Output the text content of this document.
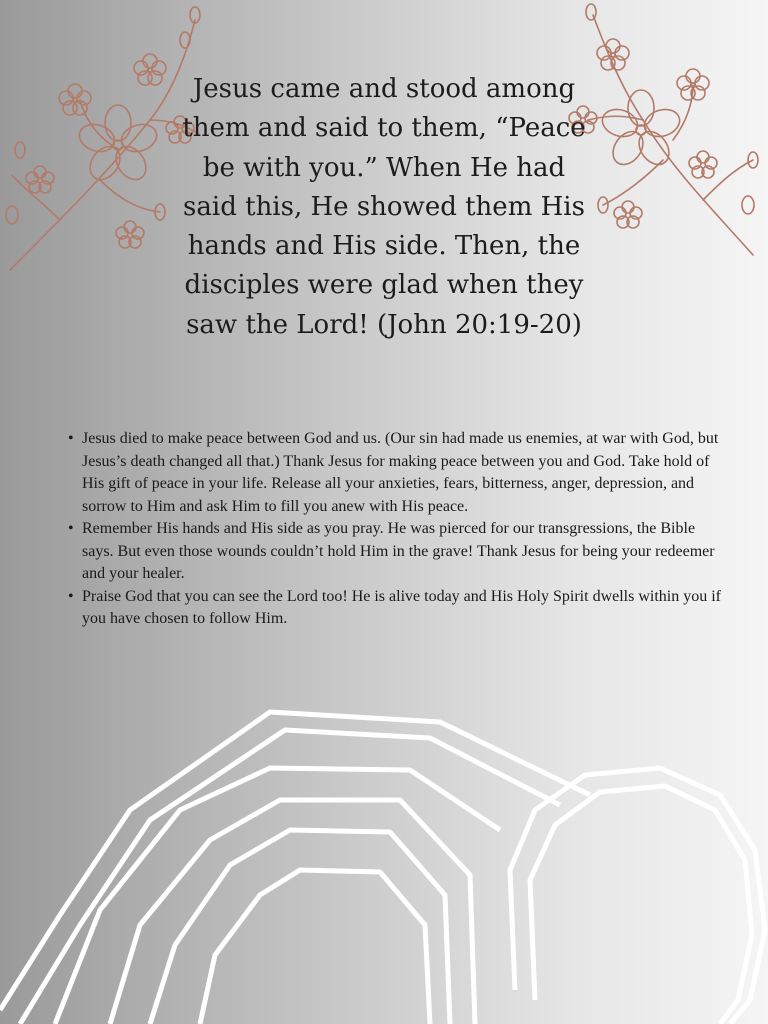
Jesus came and stood among them and said to them, “Peace be with you.” When He had said this, He showed them His hands and His side. Then, the disciples were glad when they saw the Lord! (John 20:19-20)

• Jesus died to make peace between God and us. (Our sin had made us enemies, at war with God, but Jesus’s death changed all that.) Thank Jesus for making peace between you and God. Take hold of His gift of peace in your life. Release all your anxieties, fears, bitterness, anger, depression, and sorrow to Him and ask Him to fill you anew with His peace.
• Remember His hands and His side as you pray. He was pierced for our transgressions, the Bible says. But even those wounds couldn’t hold Him in the grave! Thank Jesus for being your redeemer and your healer.
• Praise God that you can see the Lord too! He is alive today and His Holy Spirit dwells within you if you have chosen to follow Him.
